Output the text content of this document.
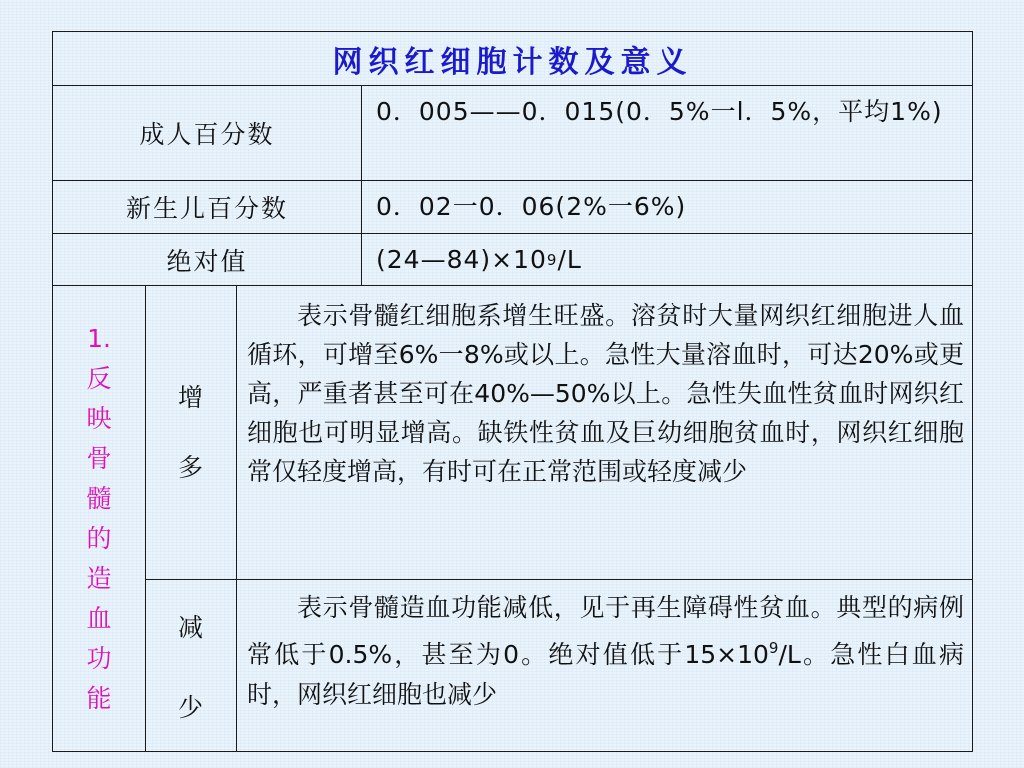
网织红细胞计数及意义
成人百分数
0．005——0．015(0．5%一l．5%，平均1%)
新生儿百分数	0．02一0．06(2%一6%)
绝对值	(24—84)×10 9 /L
1.反映骨髓的造血功能
增
多
表示骨髓红细胞系增生旺盛。溶贫时大量网织红细胞进人血循环，可增至6%一8%或以上。急性大量溶血时，可达20%或更高，严重者甚至可在40%—50%以上。急性失血性贫血时网织红细胞也可明显增高。缺铁性贫血及巨幼细胞贫血时，网织红细胞常仅轻度增高，有时可在正常范围或轻度减少
减
少
表示骨髓造血功能减低，见于再生障碍性贫血。典型的病例常低于0.5%，甚至为0。绝对值低于$15\times 10^9/L$。急性白血病时，网织红细胞也减少
